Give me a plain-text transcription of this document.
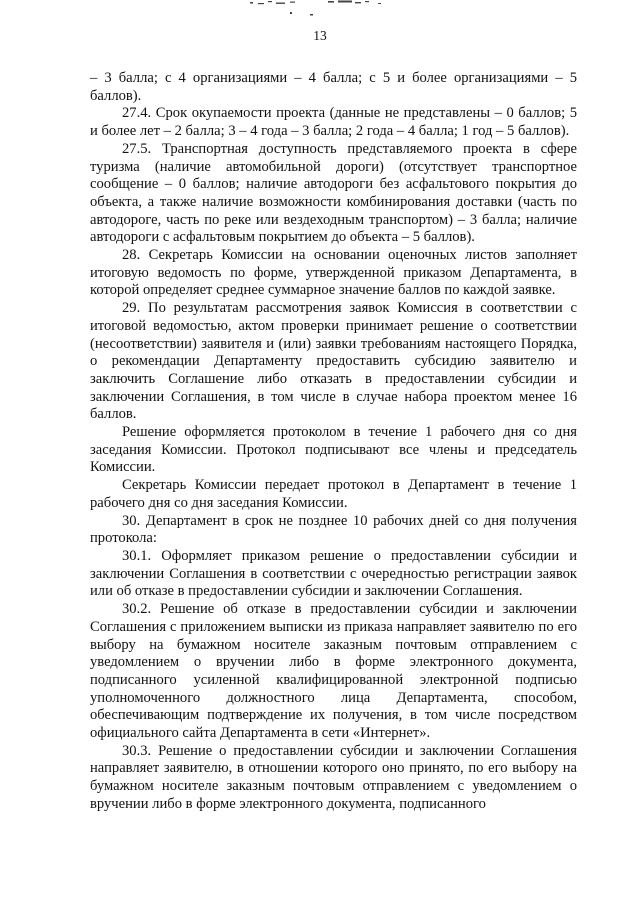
13

– 3 балла; с 4 организациями – 4 балла; с 5 и более организациями – 5 баллов).

27.4. Срок окупаемости проекта (данные не представлены – 0 баллов; 5 и более лет – 2 балла; 3 – 4 года – 3 балла; 2 года – 4 балла; 1 год – 5 баллов).

27.5. Транспортная доступность представляемого проекта в сфере туризма (наличие автомобильной дороги) (отсутствует транспортное сообщение – 0 баллов; наличие автодороги без асфальтового покрытия до объекта, а также наличие возможности комбинирования доставки (часть по автодороге, часть по реке или вездеходным транспортом) – 3 балла; наличие автодороги с асфальтовым покрытием до объекта – 5 баллов).

28. Секретарь Комиссии на основании оценочных листов заполняет итоговую ведомость по форме, утвержденной приказом Департамента, в которой определяет среднее суммарное значение баллов по каждой заявке.

29. По результатам рассмотрения заявок Комиссия в соответствии с итоговой ведомостью, актом проверки принимает решение о соответствии (несоответствии) заявителя и (или) заявки требованиям настоящего Порядка, о рекомендации Департаменту предоставить субсидию заявителю и заключить Соглашение либо отказать в предоставлении субсидии и заключении Соглашения, в том числе в случае набора проектом менее 16 баллов.

Решение оформляется протоколом в течение 1 рабочего дня со дня заседания Комиссии. Протокол подписывают все члены и председатель Комиссии.

Секретарь Комиссии передает протокол в Департамент в течение 1 рабочего дня со дня заседания Комиссии.

30. Департамент в срок не позднее 10 рабочих дней со дня получения протокола:

30.1. Оформляет приказом решение о предоставлении субсидии и заключении Соглашения в соответствии с очередностью регистрации заявок или об отказе в предоставлении субсидии и заключении Соглашения.

30.2. Решение об отказе в предоставлении субсидии и заключении Соглашения с приложением выписки из приказа направляет заявителю по его выбору на бумажном носителе заказным почтовым отправлением с уведомлением о вручении либо в форме электронного документа, подписанного усиленной квалифицированной электронной подписью уполномоченного должностного лица Департамента, способом, обеспечивающим подтверждение их получения, в том числе посредством официального сайта Департамента в сети «Интернет».

30.3. Решение о предоставлении субсидии и заключении Соглашения направляет заявителю, в отношении которого оно принято, по его выбору на бумажном носителе заказным почтовым отправлением с уведомлением о вручении либо в форме электронного документа, подписанного
